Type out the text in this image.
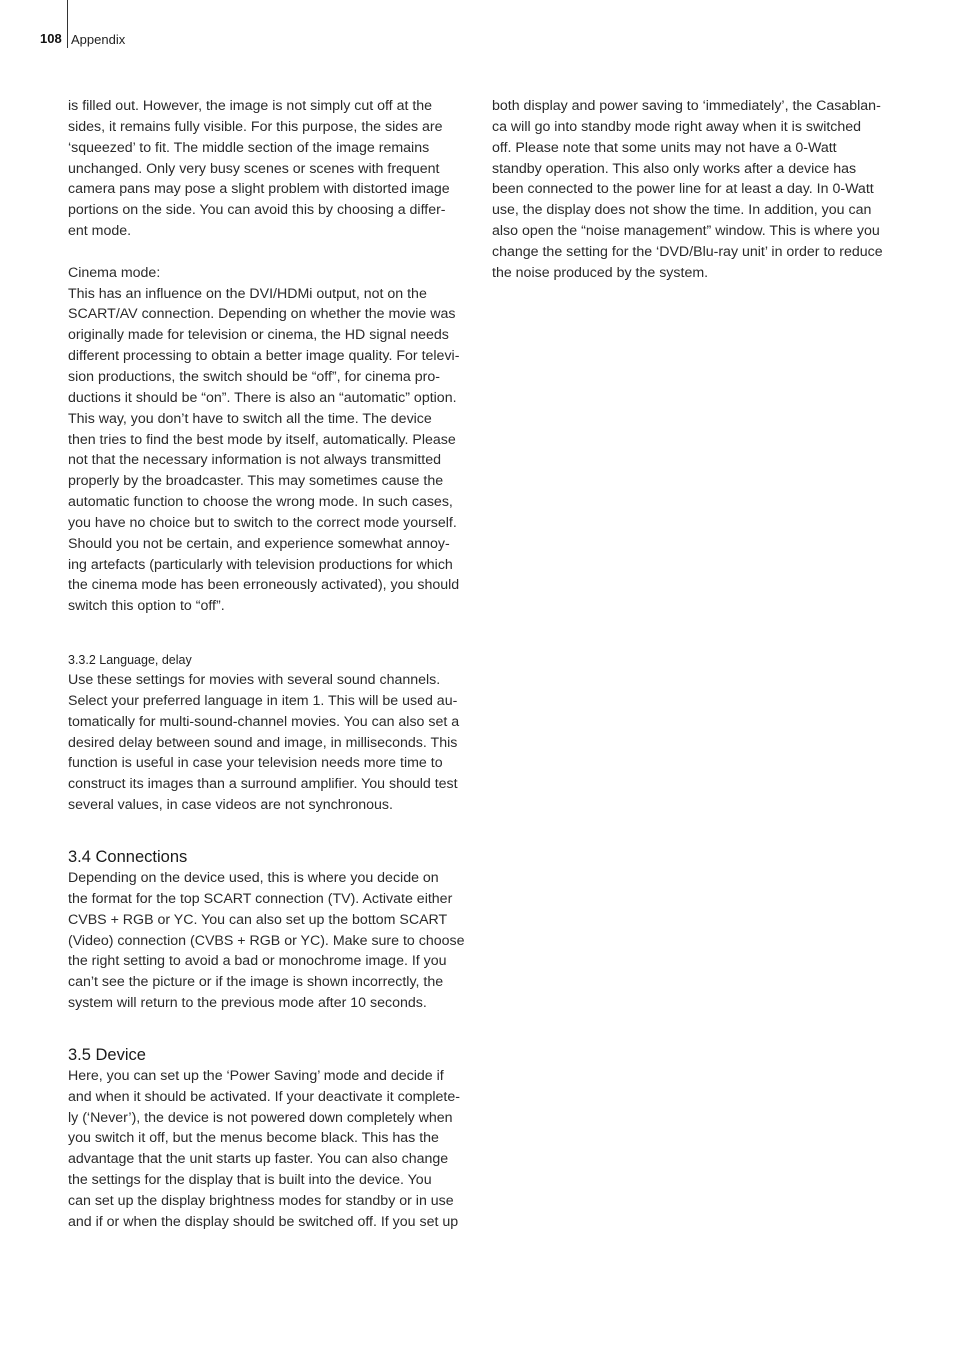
108 Appendix

is filled out. However, the image is not simply cut off at the
sides, it remains fully visible. For this purpose, the sides are
‘squeezed’ to fit. The middle section of the image remains
unchanged. Only very busy scenes or scenes with frequent
camera pans may pose a slight problem with distorted image
portions on the side. You can avoid this by choosing a differ-
ent mode.

Cinema mode:

This has an influence on the DVI/HDMi output, not on the
SCART/AV connection. Depending on whether the movie was
originally made for television or cinema, the HD signal needs
different processing to obtain a better image quality. For televi-
sion productions, the switch should be “off”, for cinema pro-
ductions it should be “on”. There is also an “automatic” option.
This way, you don’t have to switch all the time. The device
then tries to find the best mode by itself, automatically. Please
not that the necessary information is not always transmitted
properly by the broadcaster. This may sometimes cause the
automatic function to choose the wrong mode. In such cases,
you have no choice but to switch to the correct mode yourself.
Should you not be certain, and experience somewhat annoy-
ing artefacts (particularly with television productions for which
the cinema mode has been erroneously activated), you should
switch this option to “off”.

3.3.2 Language, delay

Use these settings for movies with several sound channels.
Select your preferred language in item 1. This will be used au-
tomatically for multi-sound-channel movies. You can also set a
desired delay between sound and image, in milliseconds. This
function is useful in case your television needs more time to
construct its images than a surround amplifier. You should test
several values, in case videos are not synchronous.

3.4 Connections

Depending on the device used, this is where you decide on
the format for the top SCART connection (TV). Activate either
CVBS + RGB or YC. You can also set up the bottom SCART
(Video) connection (CVBS + RGB or YC). Make sure to choose
the right setting to avoid a bad or monochrome image. If you
can’t see the picture or if the image is shown incorrectly, the
system will return to the previous mode after 10 seconds.

3.5 Device

Here, you can set up the ‘Power Saving’ mode and decide if
and when it should be activated. If your deactivate it complete-
ly (‘Never’), the device is not powered down completely when
you switch it off, but the menus become black. This has the
advantage that the unit starts up faster. You can also change
the settings for the display that is built into the device. You
can set up the display brightness modes for standby or in use
and if or when the display should be switched off. If you set up

both display and power saving to ‘immediately’, the Casablan-
ca will go into standby mode right away when it is switched
off. Please note that some units may not have a 0-Watt
standby operation. This also only works after a device has
been connected to the power line for at least a day. In 0-Watt
use, the display does not show the time. In addition, you can
also open the “noise management” window. This is where you
change the setting for the ‘DVD/Blu-ray unit’ in order to reduce
the noise produced by the system.
